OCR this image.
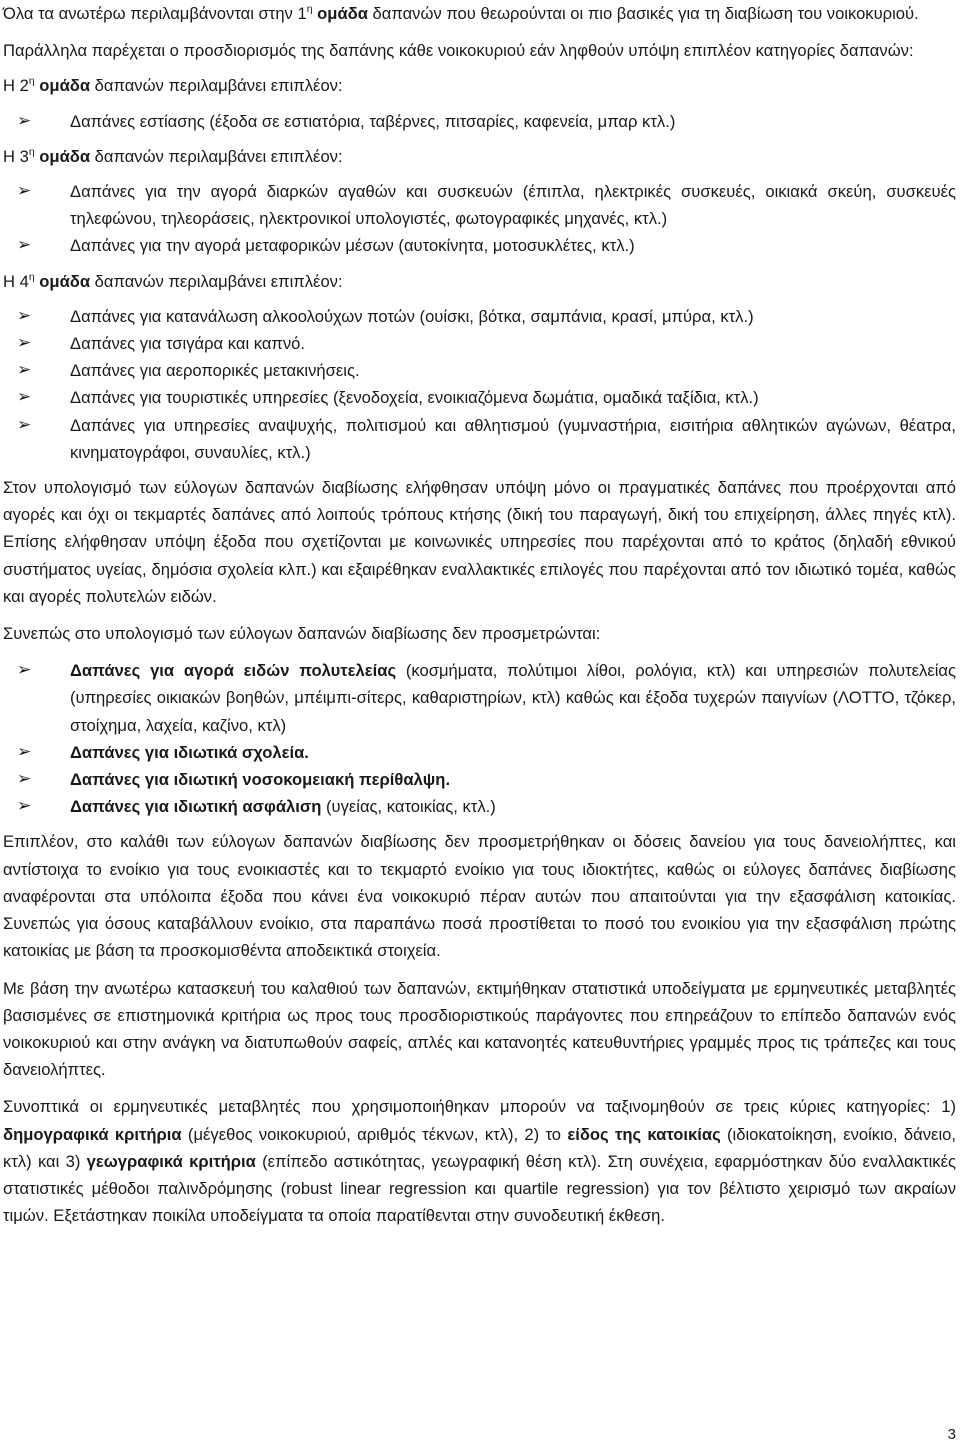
Όλα τα ανωτέρω περιλαμβάνονται στην $1^\eta$ ομάδα δαπανών που θεωρούνται οι πιο βασικές για τη διαβίωση του νοικοκυριού.

Παράλληλα παρέχεται ο προσδιορισμός της δαπάνης κάθε νοικοκυριού εάν ληφθούν υπόψη επιπλέον κατηγορίες δαπανών:

Η $2^\eta$ ομάδα δαπανών περιλαμβάνει επιπλέον:

➢	Δαπάνες εστίασης (έξοδα σε εστιατόρια, ταβέρνες, πιτσαρίες, καφενεία, μπαρ κτλ.)

Η $3^\eta$ ομάδα δαπανών περιλαμβάνει επιπλέον:

➢	Δαπάνες για την αγορά διαρκών αγαθών και συσκευών (έπιπλα, ηλεκτρικές συσκευές, οικιακά σκεύη, συσκευές τηλεφώνου, τηλεοράσεις, ηλεκτρονικοί υπολογιστές, φωτογραφικές μηχανές, κτλ.)
➢	Δαπάνες για την αγορά μεταφορικών μέσων (αυτοκίνητα, μοτοσυκλέτες, κτλ.)

Η $4^\eta$ ομάδα δαπανών περιλαμβάνει επιπλέον:

➢	Δαπάνες για κατανάλωση αλκοολούχων ποτών (ουίσκι, βότκα, σαμπάνια, κρασί, μπύρα, κτλ.)
➢	Δαπάνες για τσιγάρα και καπνό.
➢	Δαπάνες για αεροπορικές μετακινήσεις.
➢	Δαπάνες για τουριστικές υπηρεσίες (ξενοδοχεία, ενοικιαζόμενα δωμάτια, ομαδικά ταξίδια, κτλ.)
➢	Δαπάνες για υπηρεσίες αναψυχής, πολιτισμού και αθλητισμού (γυμναστήρια, εισιτήρια αθλητικών αγώνων, θέατρα, κινηματογράφοι, συναυλίες, κτλ.)

Στον υπολογισμό των εύλογων δαπανών διαβίωσης ελήφθησαν υπόψη μόνο οι πραγματικές δαπάνες που προέρχονται από αγορές και όχι οι τεκμαρτές δαπάνες από λοιπούς τρόπους κτήσης (δική του παραγωγή, δική του επιχείρηση, άλλες πηγές κτλ). Επίσης ελήφθησαν υπόψη έξοδα που σχετίζονται με κοινωνικές υπηρεσίες που παρέχονται από το κράτος (δηλαδή εθνικού συστήματος υγείας, δημόσια σχολεία κλπ.) και εξαιρέθηκαν εναλλακτικές επιλογές που παρέχονται από τον ιδιωτικό τομέα, καθώς και αγορές πολυτελών ειδών.

Συνεπώς στο υπολογισμό των εύλογων δαπανών διαβίωσης δεν προσμετρώνται:

➢	Δαπάνες για αγορά ειδών πολυτελείας (κοσμήματα, πολύτιμοι λίθοι, ρολόγια, κτλ) και υπηρεσιών πολυτελείας (υπηρεσίες οικιακών βοηθών, μπέιμπι-σίτερς, καθαριστηρίων, κτλ) καθώς και έξοδα τυχερών παιγνίων (ΛΟΤΤΟ, τζόκερ, στοίχημα, λαχεία, καζίνο, κτλ)
➢	Δαπάνες για ιδιωτικά σχολεία.
➢	Δαπάνες για ιδιωτική νοσοκομειακή περίθαλψη.
➢	Δαπάνες για ιδιωτική ασφάλιση (υγείας, κατοικίας, κτλ.)

Επιπλέον, στο καλάθι των εύλογων δαπανών διαβίωσης δεν προσμετρήθηκαν οι δόσεις δανείου για τους δανειολήπτες, και αντίστοιχα το ενοίκιο για τους ενοικιαστές και το τεκμαρτό ενοίκιο για τους ιδιοκτήτες, καθώς οι εύλογες δαπάνες διαβίωσης αναφέρονται στα υπόλοιπα έξοδα που κάνει ένα νοικοκυριό πέραν αυτών που απαιτούνται για την εξασφάλιση κατοικίας. Συνεπώς για όσους καταβάλλουν ενοίκιο, στα παραπάνω ποσά προστίθεται το ποσό του ενοικίου για την εξασφάλιση πρώτης κατοικίας με βάση τα προσκομισθέντα αποδεικτικά στοιχεία.

Με βάση την ανωτέρω κατασκευή του καλαθιού των δαπανών, εκτιμήθηκαν στατιστικά υποδείγματα με ερμηνευτικές μεταβλητές βασισμένες σε επιστημονικά κριτήρια ως προς τους προσδιοριστικούς παράγοντες που επηρεάζουν το επίπεδο δαπανών ενός νοικοκυριού και στην ανάγκη να διατυπωθούν σαφείς, απλές και κατανοητές κατευθυντήριες γραμμές προς τις τράπεζες και τους δανειολήπτες.

Συνοπτικά οι ερμηνευτικές μεταβλητές που χρησιμοποιήθηκαν μπορούν να ταξινομηθούν σε τρεις κύριες κατηγορίες: 1) δημογραφικά κριτήρια (μέγεθος νοικοκυριού, αριθμός τέκνων, κτλ), 2) το είδος της κατοικίας (ιδιοκατοίκηση, ενοίκιο, δάνειο, κτλ) και 3) γεωγραφικά κριτήρια (επίπεδο αστικότητας, γεωγραφική θέση κτλ). Στη συνέχεια, εφαρμόστηκαν δύο εναλλακτικές στατιστικές μέθοδοι παλινδρόμησης (robust linear regression και quartile regression) για τον βέλτιστο χειρισμό των ακραίων τιμών. Εξετάστηκαν ποικίλα υποδείγματα τα οποία παρατίθενται στην συνοδευτική έκθεση.

3
